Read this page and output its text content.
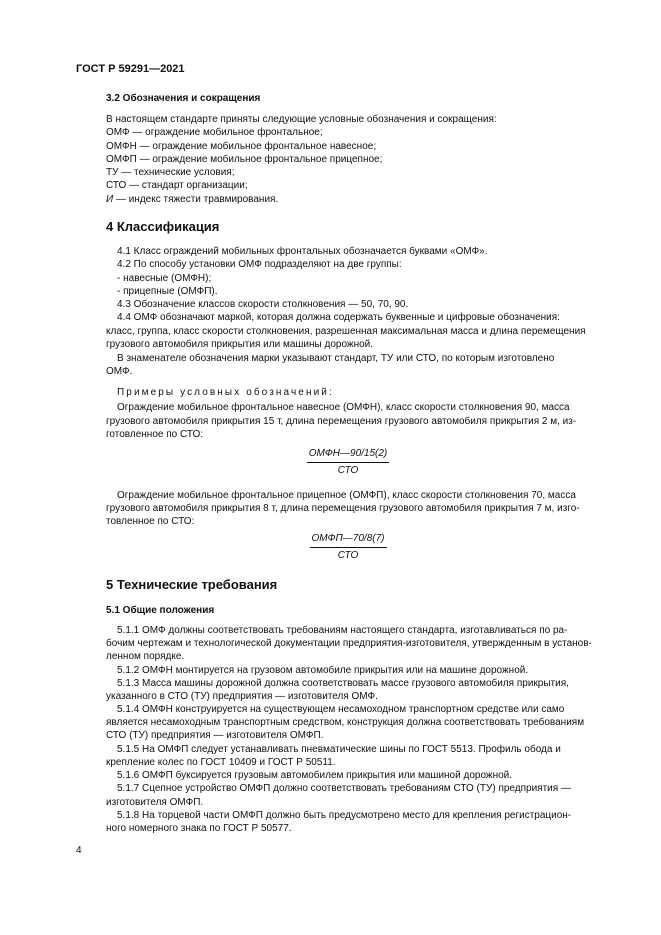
ГОСТ Р 59291—2021

3.2 Обозначения и сокращения

В настоящем стандарте приняты следующие условные обозначения и сокращения:

ОМФ — ограждение мобильное фронтальное;

ОМФН — ограждение мобильное фронтальное навесное;

ОМФП — ограждение мобильное фронтальное прицепное;

ТУ — технические условия;

СТО — стандарт организации;

И — индекс тяжести травмирования.

4 Классификация

4.1 Класс ограждений мобильных фронтальных обозначается буквами «ОМФ».

4.2 По способу установки ОМФ подразделяют на две группы:

- навесные (ОМФН);

- прицепные (ОМФП).

4.3 Обозначение классов скорости столкновения — 50, 70, 90.

4.4 ОМФ обозначают маркой, которая должна содержать буквенные и цифровые обозначения:

класс, группа, класс скорости столкновения, разрешенная максимальная масса и длина перемещения

грузового автомобиля прикрытия или машины дорожной.

В знаменателе обозначения марки указывают стандарт, ТУ или СТО, по которым изготовлено

ОМФ.

Примеры условных обозначений:

Ограждение мобильное фронтальное навесное (ОМФН), класс скорости столкновения 90, масса

грузового автомобиля прикрытия 15 т, длина перемещения грузового автомобиля прикрытия 2 м, из-

готовленное по СТО:

$\frac{\text{ОМФН—90/15(2)}}{\text{СТО}}$

Ограждение мобильное фронтальное прицепное (ОМФП), класс скорости столкновения 70, масса

грузового автомобиля прикрытия 8 т, длина перемещения грузового автомобиля прикрытия 7 м, изго-

товленное по СТО:

$\frac{\text{ОМФП—70/8(7)}}{\text{СТО}}$

5 Технические требования

5.1 Общие положения

5.1.1 ОМФ должны соответствовать требованиям настоящего стандарта, изготавливаться по ра-

бочим чертежам и технологической документации предприятия-изготовителя, утвержденным в установ-

ленном порядке.

5.1.2 ОМФН монтируется на грузовом автомобиле прикрытия или на машине дорожной.

5.1.3 Масса машины дорожной должна соответствовать массе грузового автомобиля прикрытия,

указанного в СТО (ТУ) предприятия — изготовителя ОМФ.

5.1.4 ОМФН конструируется на существующем несамоходном транспортном средстве или само

является несамоходным транспортным средством, конструкция должна соответствовать требованиям

СТО (ТУ) предприятия — изготовителя ОМФП.

5.1.5 На ОМФП следует устанавливать пневматические шины по ГОСТ 5513. Профиль обода и

крепление колес по ГОСТ 10409 и ГОСТ Р 50511.

5.1.6 ОМФП буксируется грузовым автомобилем прикрытия или машиной дорожной.

5.1.7 Сцепное устройство ОМФП должно соответствовать требованиям СТО (ТУ) предприятия —

изготовителя ОМФП.

5.1.8 На торцевой части ОМФП должно быть предусмотрено место для крепления регистрацион-

ного номерного знака по ГОСТ Р 50577.

4
